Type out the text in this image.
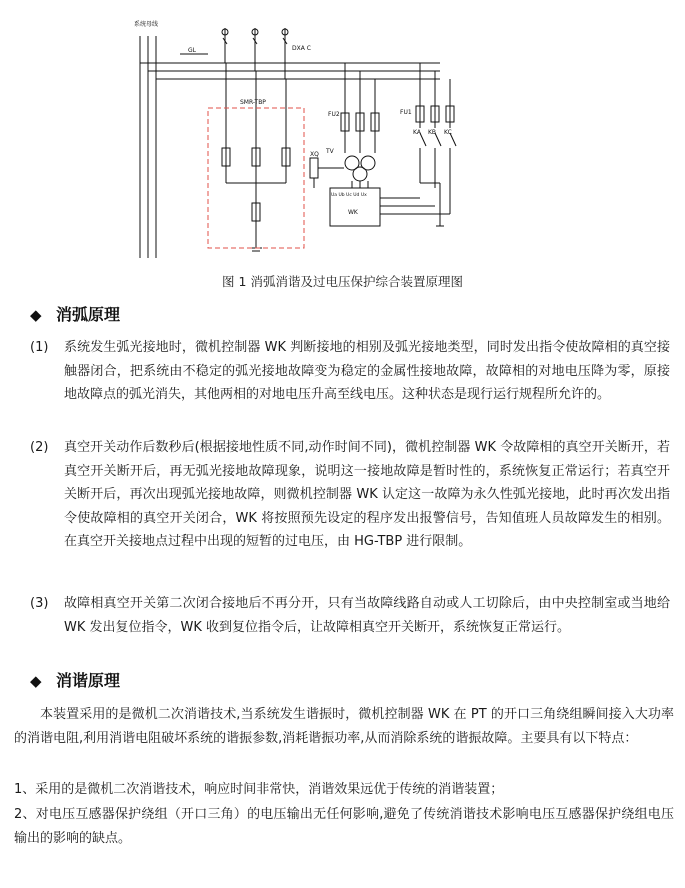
系统母线
GL	DXA C
SMR-TBP
FU2	FU1
KA KB KC
TV
XQ
Ua Ub Uc Ud Ux
WK
图 1 消弧消谐及过电压保护综合装置原理图
◆ 消弧原理
(1) 系统发生弧光接地时，微机控制器 WK 判断接地的相别及弧光接地类型，同时发出指令使故障相的真空接触器闭合，把系统由不稳定的弧光接地故障变为稳定的金属性接地故障，故障相的对地电压降为零，原接地故障点的弧光消失，其他两相的对地电压升高至线电压。这种状态是现行运行规程所允许的。
(2) 真空开关动作后数秒后(根据接地性质不同,动作时间不同)，微机控制器 WK 令故障相的真空开关断开，若真空开关断开后，再无弧光接地故障现象，说明这一接地故障是暂时性的，系统恢复正常运行；若真空开关断开后，再次出现弧光接地故障，则微机控制器 WK 认定这一故障为永久性弧光接地，此时再次发出指令使故障相的真空开关闭合，WK 将按照预先设定的程序发出报警信号，告知值班人员故障发生的相别。在真空开关接地点过程中出现的短暂的过电压，由 HG-TBP 进行限制。
(3) 故障相真空开关第二次闭合接地后不再分开，只有当故障线路自动或人工切除后，由中央控制室或当地给 WK 发出复位指令，WK 收到复位指令后，让故障相真空开关断开，系统恢复正常运行。
◆ 消谐原理
本装置采用的是微机二次消谐技术,当系统发生谐振时，微机控制器 WK 在 PT 的开口三角绕组瞬间接入大功率的消谐电阻,利用消谐电阻破坏系统的谐振参数,消耗谐振功率,从而消除系统的谐振故障。主要具有以下特点：
1、采用的是微机二次消谐技术，响应时间非常快，消谐效果远优于传统的消谐装置；
2、对电压互感器保护绕组（开口三角）的电压输出无任何影响,避免了传统消谐技术影响电压互感器保护绕组电压输出的影响的缺点。
